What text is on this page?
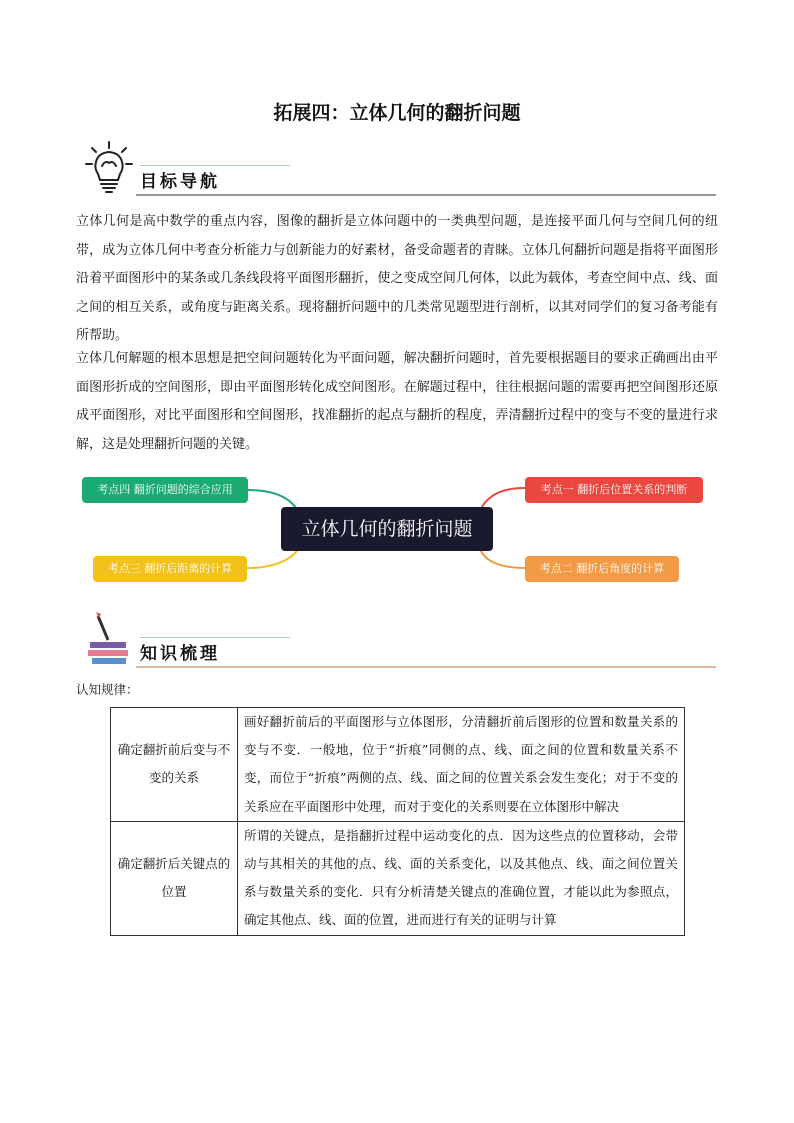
拓展四：立体几何的翻折问题
目标导航
立体几何是高中数学的重点内容，图像的翻折是立体问题中的一类典型问题，是连接平面几何与空间几何的纽带，成为立体几何中考查分析能力与创新能力的好素材，备受命题者的青睐。立体几何翻折问题是指将平面图形沿着平面图形中的某条或几条线段将平面图形翻折，使之变成空间几何体，以此为载体，考查空间中点、线、面之间的相互关系，或角度与距离关系。现将翻折问题中的几类常见题型进行剖析，以其对同学们的复习备考能有所帮助。
立体几何解题的根本思想是把空间问题转化为平面问题，解决翻折问题时，首先要根据题目的要求正确画出由平面图形折成的空间图形，即由平面图形转化成空间图形。在解题过程中，往往根据问题的需要再把空间图形还原成平面图形，对比平面图形和空间图形，找准翻折的起点与翻折的程度，弄清翻折过程中的变与不变的量进行求解，这是处理翻折问题的关键。
考点四 翻折问题的综合应用
考点三 翻折后距离的计算
立体几何的翻折问题
考点一 翻折后位置关系的判断
考点二 翻折后角度的计算
知识梳理
认知规律：
确定翻折前后变与不变的关系	画好翻折前后的平面图形与立体图形，分清翻折前后图形的位置和数量关系的变与不变．一般地，位于“折痕”同侧的点、线、面之间的位置和数量关系不变，而位于“折痕”两侧的点、线、面之间的位置关系会发生变化；对于不变的关系应在平面图形中处理，而对于变化的关系则要在立体图形中解决
确定翻折后关键点的位置	所谓的关键点，是指翻折过程中运动变化的点．因为这些点的位置移动，会带动与其相关的其他的点、线、面的关系变化，以及其他点、线、面之间位置关系与数量关系的变化．只有分析清楚关键点的准确位置，才能以此为参照点，确定其他点、线、面的位置，进而进行有关的证明与计算
